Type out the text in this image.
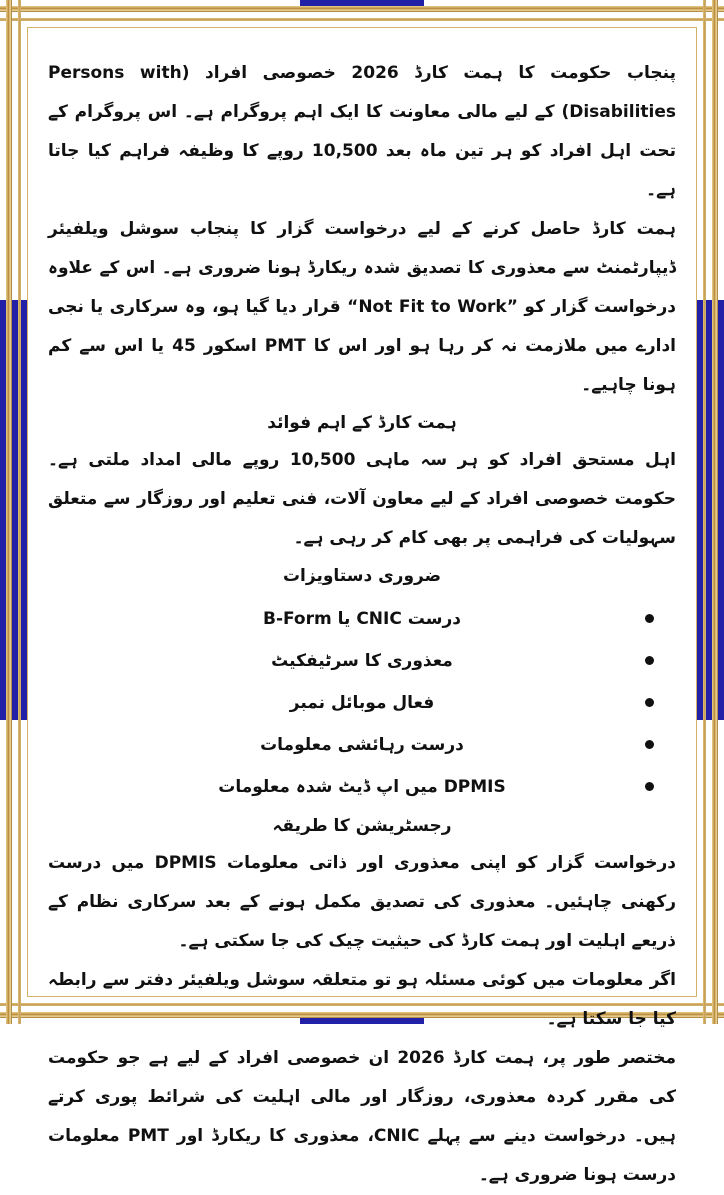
پنجاب حکومت کا ہمت کارڈ 2026 خصوصی افراد (Persons with Disabilities) کے لیے مالی معاونت کا ایک اہم پروگرام ہے۔ اس پروگرام کے تحت اہل افراد کو ہر تین ماہ بعد 10,500 روپے کا وظیفہ فراہم کیا جاتا ہے۔

ہمت کارڈ حاصل کرنے کے لیے درخواست گزار کا پنجاب سوشل ویلفیئر ڈیپارٹمنٹ سے معذوری کا تصدیق شدہ ریکارڈ ہونا ضروری ہے۔ اس کے علاوہ درخواست گزار کو ”Not Fit to Work“ قرار دیا گیا ہو، وہ سرکاری یا نجی ادارے میں ملازمت نہ کر رہا ہو اور اس کا PMT اسکور 45 یا اس سے کم ہونا چاہیے۔

ہمت کارڈ کے اہم فوائد

اہل مستحق افراد کو ہر سہ ماہی 10,500 روپے مالی امداد ملتی ہے۔ حکومت خصوصی افراد کے لیے معاون آلات، فنی تعلیم اور روزگار سے متعلق سہولیات کی فراہمی پر بھی کام کر رہی ہے۔

ضروری دستاویزات
درست CNIC یا B-Form
معذوری کا سرٹیفکیٹ
فعال موبائل نمبر
درست رہائشی معلومات
DPMIS میں اپ ڈیٹ شدہ معلومات
رجسٹریشن کا طریقہ

درخواست گزار کو اپنی معذوری اور ذاتی معلومات DPMIS میں درست رکھنی چاہئیں۔ معذوری کی تصدیق مکمل ہونے کے بعد سرکاری نظام کے ذریعے اہلیت اور ہمت کارڈ کی حیثیت چیک کی جا سکتی ہے۔

اگر معلومات میں کوئی مسئلہ ہو تو متعلقہ سوشل ویلفیئر دفتر سے رابطہ کیا جا سکتا ہے۔

مختصر طور پر، ہمت کارڈ 2026 ان خصوصی افراد کے لیے ہے جو حکومت کی مقرر کردہ معذوری، روزگار اور مالی اہلیت کی شرائط پوری کرتے ہیں۔ درخواست دینے سے پہلے CNIC، معذوری کا ریکارڈ اور PMT معلومات درست ہونا ضروری ہے۔
